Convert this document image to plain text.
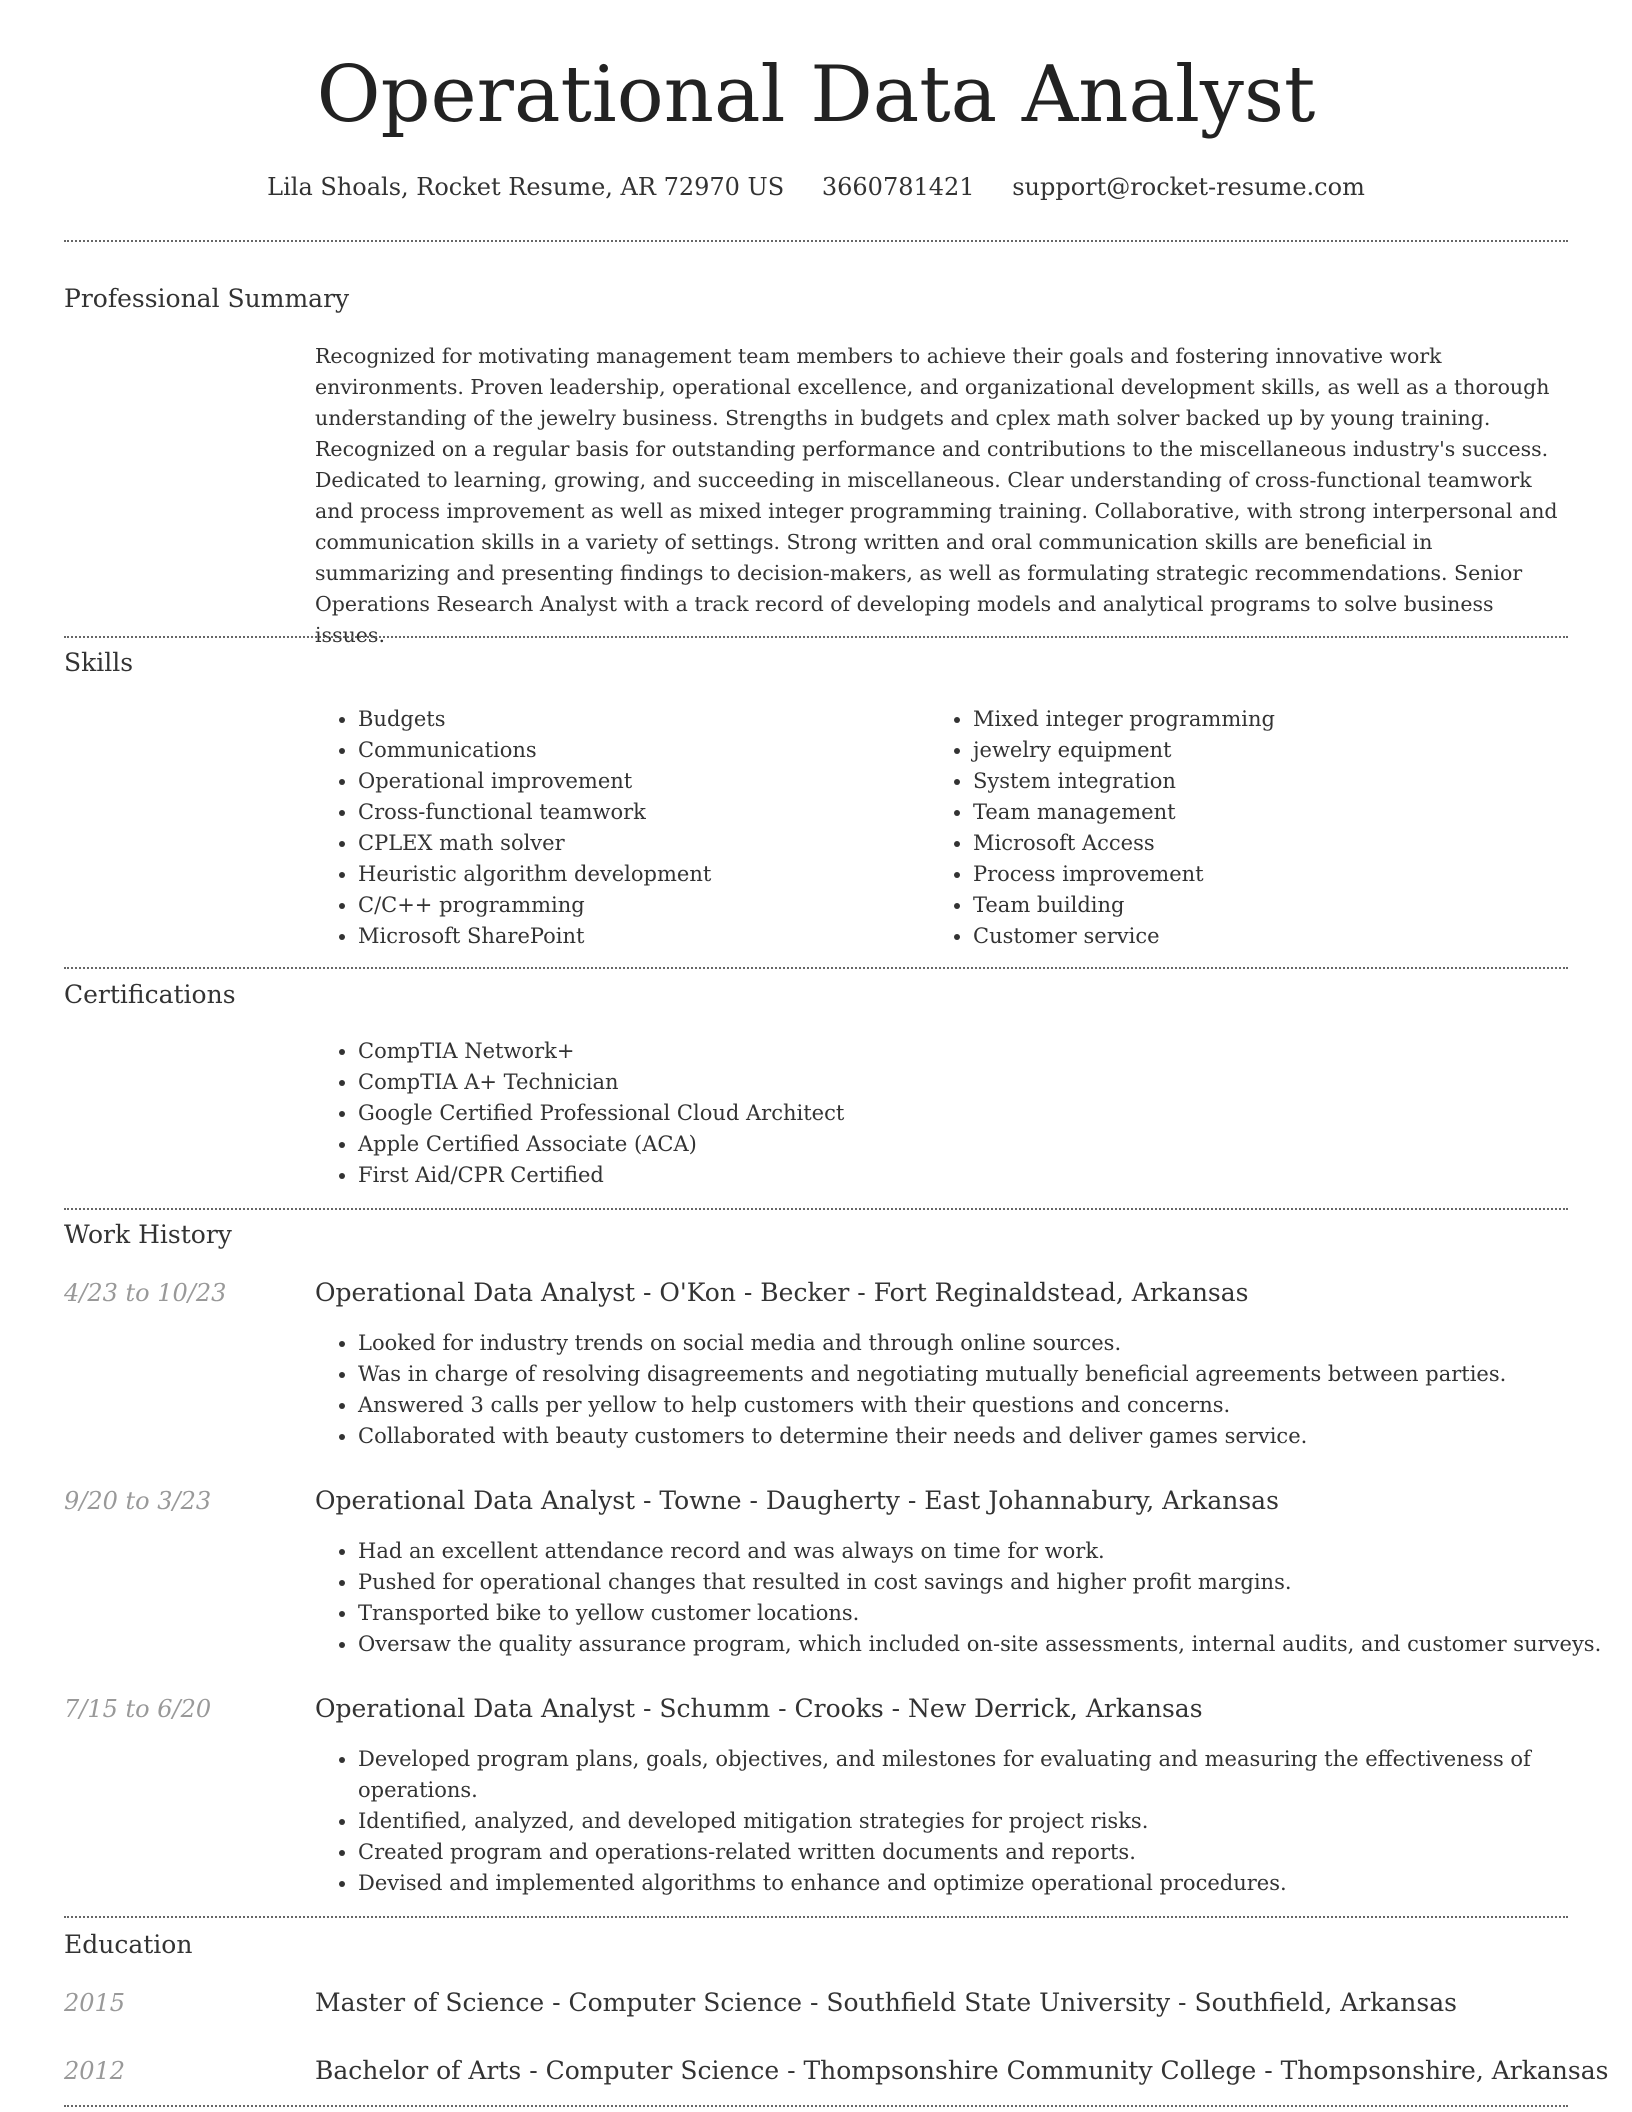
Operational Data Analyst
Lila Shoals, Rocket Resume, AR 72970 US 3660781421 support@rocket-resume.com
Professional Summary

Recognized for motivating management team members to achieve their goals and fostering innovative work environments. Proven leadership, operational excellence, and organizational development skills, as well as a thorough understanding of the jewelry business. Strengths in budgets and cplex math solver backed up by young training. Recognized on a regular basis for outstanding performance and contributions to the miscellaneous industry's success. Dedicated to learning, growing, and succeeding in miscellaneous. Clear understanding of cross-functional teamwork and process improvement as well as mixed integer programming training. Collaborative, with strong interpersonal and communication skills in a variety of settings. Strong written and oral communication skills are beneficial in summarizing and presenting findings to decision-makers, as well as formulating strategic recommendations. Senior Operations Research Analyst with a track record of developing models and analytical programs to solve business issues.

Skills
• Budgets
• Communications
• Operational improvement
• Cross-functional teamwork
• CPLEX math solver
• Heuristic algorithm development
• C/C++ programming
• Microsoft SharePoint
• Mixed integer programming
• jewelry equipment
• System integration
• Team management
• Microsoft Access
• Process improvement
• Team building
• Customer service
Certifications
• CompTIA Network+
• CompTIA A+ Technician
• Google Certified Professional Cloud Architect
• Apple Certified Associate (ACA)
• First Aid/CPR Certified
Work History
4/23 to 10/23	Operational Data Analyst - O'Kon - Becker - Fort Reginaldstead, Arkansas
• Looked for industry trends on social media and through online sources.
• Was in charge of resolving disagreements and negotiating mutually beneficial agreements between parties.
• Answered 3 calls per yellow to help customers with their questions and concerns.
• Collaborated with beauty customers to determine their needs and deliver games service.
9/20 to 3/23	Operational Data Analyst - Towne - Daugherty - East Johannabury, Arkansas
• Had an excellent attendance record and was always on time for work.
• Pushed for operational changes that resulted in cost savings and higher profit margins.
• Transported bike to yellow customer locations.
• Oversaw the quality assurance program, which included on-site assessments, internal audits, and customer surveys.
7/15 to 6/20	Operational Data Analyst - Schumm - Crooks - New Derrick, Arkansas
• Developed program plans, goals, objectives, and milestones for evaluating and measuring the effectiveness of operations.
• Identified, analyzed, and developed mitigation strategies for project risks.
• Created program and operations-related written documents and reports.
• Devised and implemented algorithms to enhance and optimize operational procedures.
Education
2015	Master of Science - Computer Science - Southfield State University - Southfield, Arkansas
2012	Bachelor of Arts - Computer Science - Thompsonshire Community College - Thompsonshire, Arkansas
